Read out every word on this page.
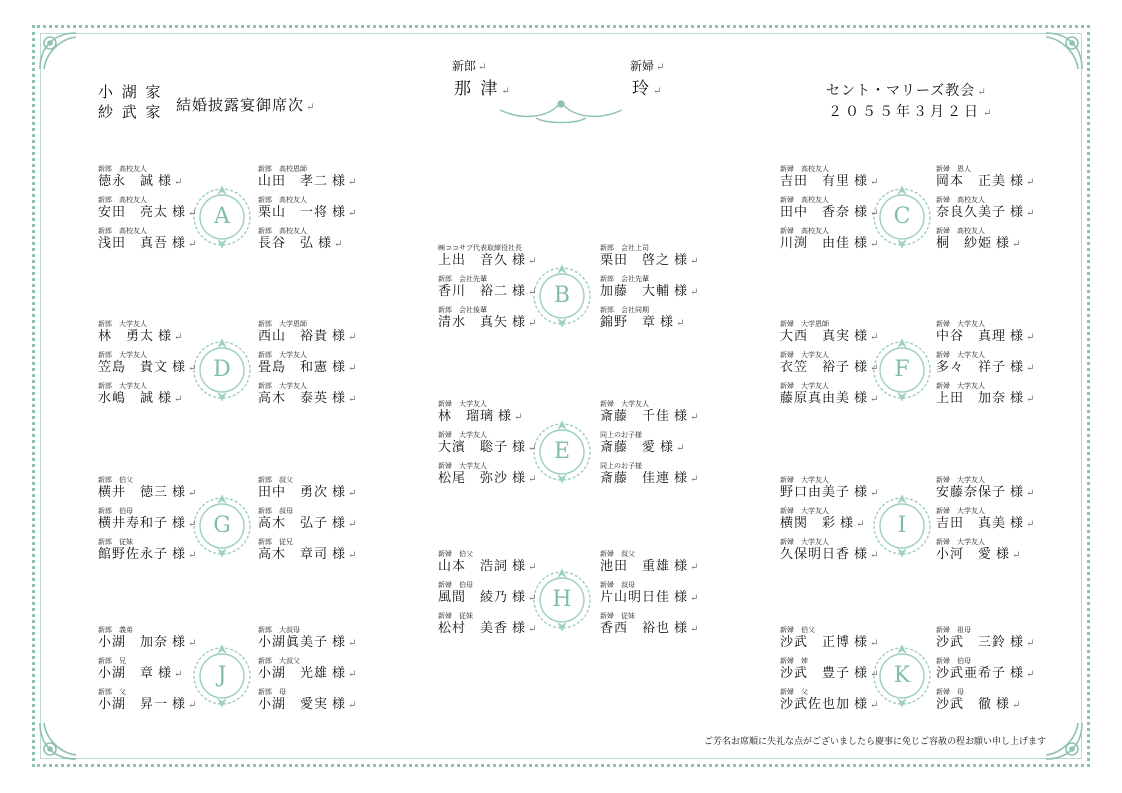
小 湖 家
紗 武 家 結婚披露宴御席次 ↵
新郎 ↵
那 津 ↵
新婦 ↵
玲 ↵	セント・マリーズ教会 ↵
２０５５年３月２日 ↵
A
新郎　高校友人
徳永　誠 様 ↵
新郎　高校友人
安田　亮太 様 ↵
新郎　高校友人
浅田　真吾 様 ↵
新郎　高校恩師
山田　孝二 様 ↵
新郎　高校友人
栗山　一将 様 ↵
新郎　高校友人
長谷　弘 様 ↵
B
㈱ココサブ代表取締役社長
上出　音久 様 ↵
新郎　会社先輩
香川　裕二 様 ↵
新郎　会社後輩
清水　真矢 様 ↵
新郎　会社上司
栗田　啓之 様 ↵
新郎　会社先輩
加藤　大輔 様 ↵
新郎　会社同期
錦野　章 様 ↵
C
新婦　高校友人
吉田　有里 様 ↵
新婦　高校友人
田中　香奈 様 ↵
新婦　高校友人
川渕　由佳 様 ↵
新婦　恩人
岡本　正美 様 ↵
新婦　高校友人
奈良久美子 様 ↵
新婦　高校友人
桐　紗姫 様 ↵
D
新郎　大学友人
林　勇太 様 ↵
新郎　大学友人
笠島　貴文 様 ↵
新郎　大学友人
水嶋　誠 様 ↵
新郎　大学恩師
西山　裕貴 様 ↵
新郎　大学友人
畳島　和憲 様 ↵
新郎　大学友人
高木　泰英 様 ↵
E
新婦　大学友人
林　瑠璃 様 ↵
新婦　大学友人
大濱　聡子 様 ↵
新婦　大学友人
松尾　弥沙 様 ↵
新婦　大学友人
斎藤　千佳 様 ↵
同上のお子様
斎藤　愛 様 ↵
同上のお子様
斎藤　佳連 様 ↵
F
新婦　大学恩師
大西　真実 様 ↵
新婦　大学友人
衣笠　裕子 様 ↵
新婦　大学友人
藤原真由美 様 ↵
新婦　大学友人
中谷　真理 様 ↵
新婦　大学友人
多々　祥子 様 ↵
新婦　大学友人
上田　加奈 様 ↵
G
新郎　伯父
横井　徳三 様 ↵
新郎　伯母
横井寿和子 様 ↵
新郎　従妹
館野佐永子 様 ↵
新郎　叔父
田中　勇次 様 ↵
新郎　叔母
高木　弘子 様 ↵
新郎　従兄
高木　章司 様 ↵
H
新婦　伯父
山本　浩詞 様 ↵
新婦　伯母
風間　綾乃 様 ↵
新婦　従妹
松村　美香 様 ↵
新婦　叔父
池田　重雄 様 ↵
新婦　叔母
片山明日佳 様 ↵
新婦　従妹
香西　裕也 様 ↵
I
新婦　大学友人
野口由美子 様 ↵
新婦　大学友人
横関　彩 様 ↵
新婦　大学友人
久保明日香 様 ↵
新婦　大学友人
安藤奈保子 様 ↵
新婦　大学友人
吉田　真美 様 ↵
新婦　大学友人
小河　愛 様 ↵
J
新郎　義弟
小湖　加奈 様 ↵
新郎　兄
小湖　章 様 ↵
新郎　父
小湖　昇一 様 ↵
新郎　大叔母
小湖眞美子 様 ↵
新郎　大叔父
小湖　光雄 様 ↵
新郎　母
小湖　愛実 様 ↵
K
新婦　伯父
沙武　正博 様 ↵
新婦　姉
沙武　豊子 様 ↵
新婦　父
沙武佐也加 様 ↵
新婦　祖母
沙武　三鈴 様 ↵
新婦　伯母
沙武亜希子 様 ↵
新婦　母
沙武　徹 様 ↵
ご芳名お席順に失礼な点がございましたら慶事に免じご容赦の程お願い申し上げます
